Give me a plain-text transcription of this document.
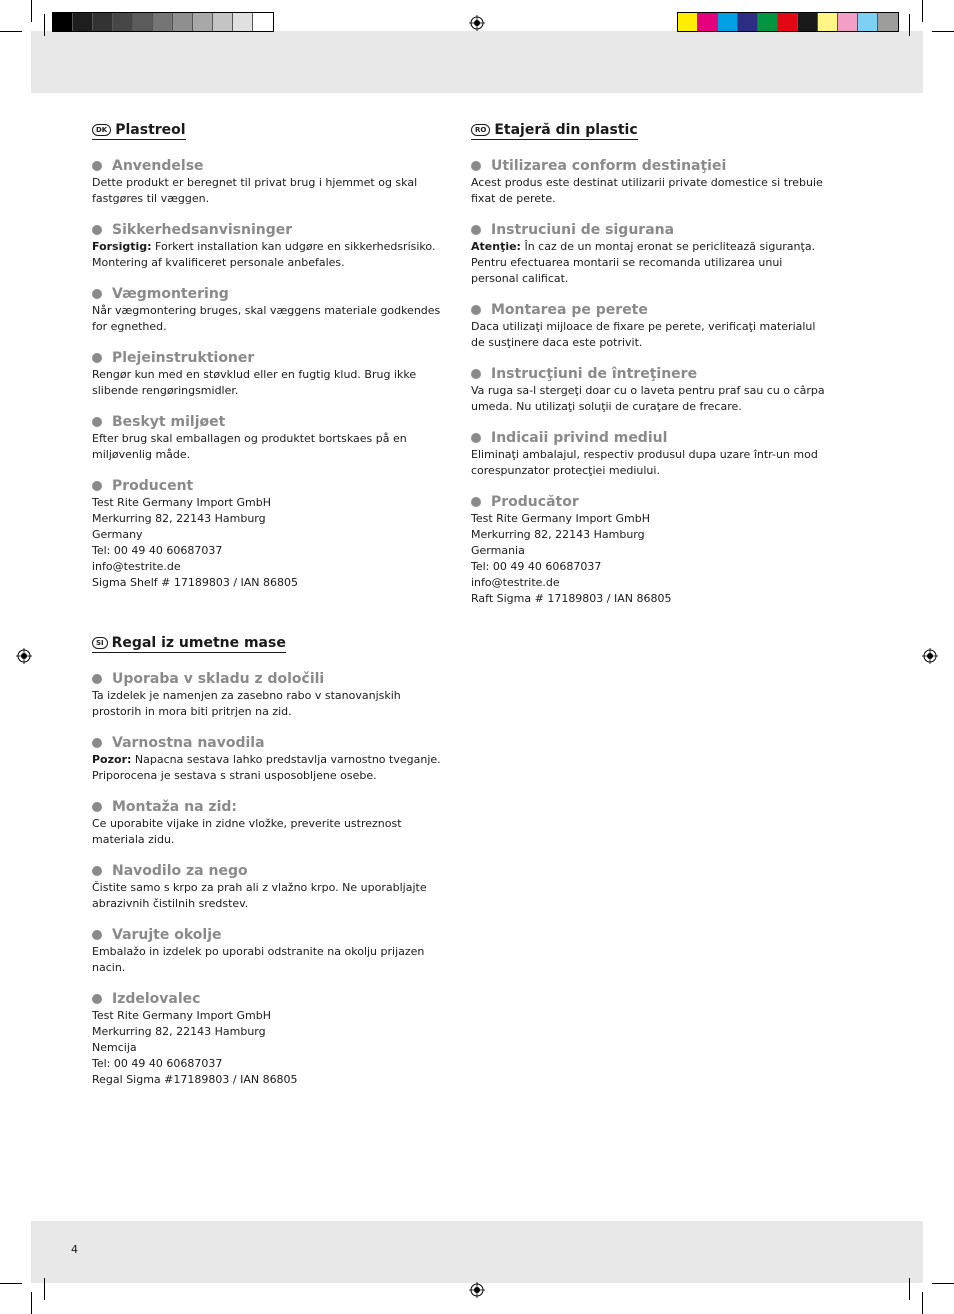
DK Plastreol
Anvendelse
Dette produkt er beregnet til privat brug i hjemmet og skal fastgøres til væggen.
Sikkerhedsanvisninger
Forsigtig: Forkert installation kan udgøre en sikkerhedsrisiko. Montering af kvalificeret personale anbefales.
Vægmontering
Når vægmontering bruges, skal væggens materiale godkendes for egnethed.
Plejeinstruktioner
Rengør kun med en støvklud eller en fugtig klud. Brug ikke slibende rengøringsmidler.
Beskyt miljøet
Efter brug skal emballagen og produktet bortskaes på en miljøvenlig måde.
Producent
Test Rite Germany Import GmbH
Merkurring 82, 22143 Hamburg
Germany
Tel: 00 49 40 60687037
info@testrite.de
Sigma Shelf # 17189803 / IAN 86805
RO Etajeră din plastic
Utilizarea conform destinaţiei
Acest produs este destinat utilizarii private domestice si trebuie fixat de perete.
Instruciuni de sigurana
Atenţie: În caz de un montaj eronat se periclitează siguranţa. Pentru efectuarea montarii se recomanda utilizarea unui personal calificat.
Montarea pe perete
Daca utilizaţi mijloace de fixare pe perete, verificaţi materialul de susţinere daca este potrivit.
Instrucţiuni de întreţinere
Va ruga sa-l stergeţi doar cu o laveta pentru praf sau cu o cârpa umeda. Nu utilizaţi soluţii de curaţare de frecare.
Indicaii privind mediul
Eliminaţi ambalajul, respectiv produsul dupa uzare într-un mod corespunzator protecţiei mediului.
Producător
Test Rite Germany Import GmbH
Merkurring 82, 22143 Hamburg
Germania
Tel: 00 49 40 60687037
info@testrite.de
Raft Sigma # 17189803 / IAN 86805
SI Regal iz umetne mase
Uporaba v skladu z določili
Ta izdelek je namenjen za zasebno rabo v stanovanjskih prostorih in mora biti pritrjen na zid.
Varnostna navodila
Pozor: Napacna sestava lahko predstavlja varnostno tveganje. Priporocena je sestava s strani usposobljene osebe.
Montaža na zid:
Ce uporabite vijake in zidne vložke, preverite ustreznost materiala zidu.
Navodilo za nego
Čistite samo s krpo za prah ali z vlažno krpo. Ne uporabljajte abrazivnih čistilnih sredstev.
Varujte okolje
Embalažo in izdelek po uporabi odstranite na okolju prijazen nacin.
Izdelovalec
Test Rite Germany Import GmbH
Merkurring 82, 22143 Hamburg
Nemcija
Tel: 00 49 40 60687037
Regal Sigma #17189803 / IAN 86805
4
